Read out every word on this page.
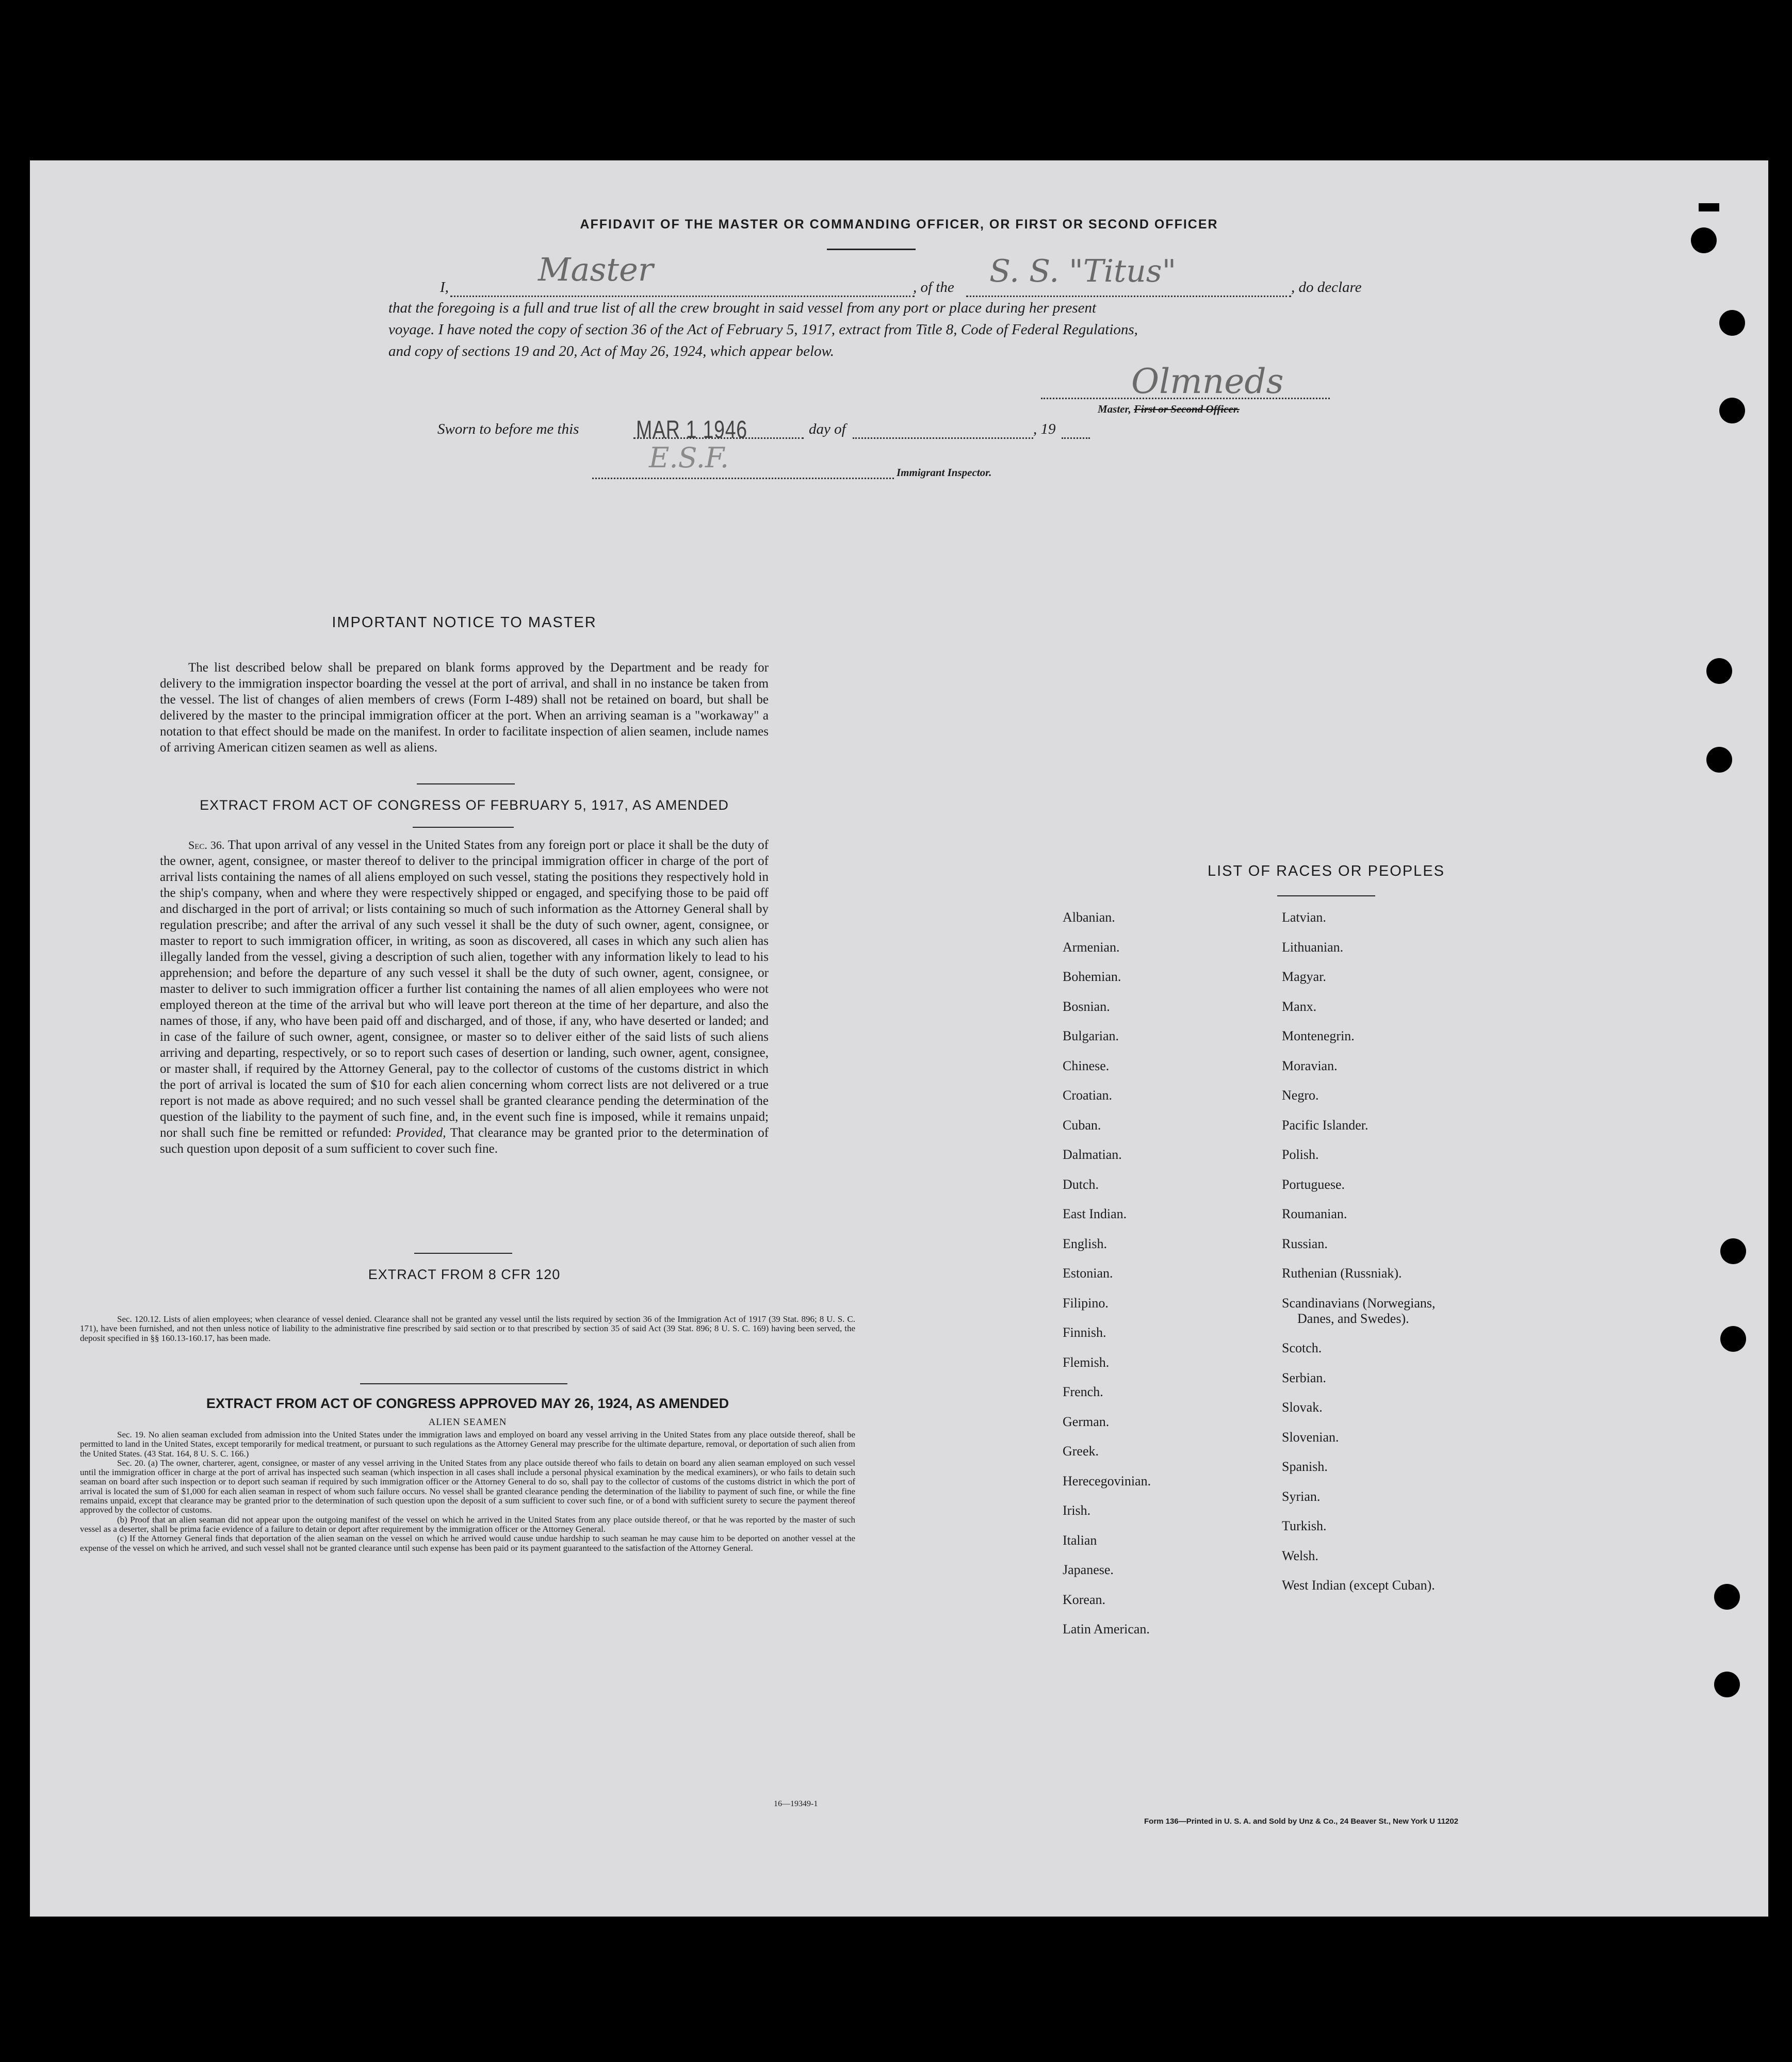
AFFIDAVIT OF THE MASTER OR COMMANDING OFFICER, OR FIRST OR SECOND OFFICER
I,	Master	, of the S. S. "Titus"	, do declare
that the foregoing is a full and true list of all the crew brought in said vessel from any port or place during her present
voyage. I have noted the copy of section 36 of the Act of February 5, 1917, extract from Title 8, Code of Federal Regulations,
and copy of sections 19 and 20, Act of May 26, 1924, which appear below.
Olmneds
Master, First or Second Officer.
Sworn to before me this MAR 1 1946	day of	, 19
E.S.F.	Immigrant Inspector.
IMPORTANT NOTICE TO MASTER
The list described below shall be prepared on blank forms approved by the Department and be ready for delivery to the immigration inspector boarding the vessel at the port of arrival, and shall in no instance be taken from the vessel. The list of changes of alien members of crews (Form I-489) shall not be retained on board, but shall be delivered by the master to the principal immigration officer at the port. When an arriving seaman is a "workaway" a notation to that effect should be made on the manifest. In order to facilitate inspection of alien seamen, include names of arriving American citizen seamen as well as aliens.
EXTRACT FROM ACT OF CONGRESS OF FEBRUARY 5, 1917, AS AMENDED
Sec. 36. That upon arrival of any vessel in the United States from any foreign port or place it shall be the duty of the owner, agent, consignee, or master thereof to deliver to the principal immigration officer in charge of the port of arrival lists containing the names of all aliens employed on such vessel, stating the positions they respectively hold in the ship's company, when and where they were respectively shipped or engaged, and specifying those to be paid off and discharged in the port of arrival; or lists containing so much of such information as the Attorney General shall by regulation prescribe; and after the arrival of any such vessel it shall be the duty of such owner, agent, consignee, or master to report to such immigration officer, in writing, as soon as discovered, all cases in which any such alien has illegally landed from the vessel, giving a description of such alien, together with any information likely to lead to his apprehension; and before the departure of any such vessel it shall be the duty of such owner, agent, consignee, or master to deliver to such immigration officer a further list containing the names of all alien employees who were not employed thereon at the time of the arrival but who will leave port thereon at the time of her departure, and also the names of those, if any, who have been paid off and discharged, and of those, if any, who have deserted or landed; and in case of the failure of such owner, agent, consignee, or master so to deliver either of the said lists of such aliens arriving and departing, respectively, or so to report such cases of desertion or landing, such owner, agent, consignee, or master shall, if required by the Attorney General, pay to the collector of customs of the customs district in which the port of arrival is located the sum of $10 for each alien concerning whom correct lists are not delivered or a true report is not made as above required; and no such vessel shall be granted clearance pending the determination of the question of the liability to the payment of such fine, and, in the event such fine is imposed, while it remains unpaid; nor shall such fine be remitted or refunded: Provided, That clearance may be granted prior to the determination of such question upon deposit of a sum sufficient to cover such fine.
EXTRACT FROM 8 CFR 120
Sec. 120.12. Lists of alien employees; when clearance of vessel denied. Clearance shall not be granted any vessel until the lists required by section 36 of the Immigration Act of 1917 (39 Stat. 896; 8 U. S. C. 171), have been furnished, and not then unless notice of liability to the administrative fine prescribed by said section or to that prescribed by section 35 of said Act (39 Stat. 896; 8 U. S. C. 169) having been served, the deposit specified in §§ 160.13-160.17, has been made.
EXTRACT FROM ACT OF CONGRESS APPROVED MAY 26, 1924, AS AMENDED
ALIEN SEAMEN
Sec. 19. No alien seaman excluded from admission into the United States under the immigration laws and employed on board any vessel arriving in the United States from any place outside thereof, shall be permitted to land in the United States, except temporarily for medical treatment, or pursuant to such regulations as the Attorney General may prescribe for the ultimate departure, removal, or deportation of such alien from the United States. (43 Stat. 164, 8 U. S. C. 166.)
Sec. 20. (a) The owner, charterer, agent, consignee, or master of any vessel arriving in the United States from any place outside thereof who fails to detain on board any alien seaman employed on such vessel until the immigration officer in charge at the port of arrival has inspected such seaman (which inspection in all cases shall include a personal physical examination by the medical examiners), or who fails to detain such seaman on board after such inspection or to deport such seaman if required by such immigration officer or the Attorney General to do so, shall pay to the collector of customs of the customs district in which the port of arrival is located the sum of $1,000 for each alien seaman in respect of whom such failure occurs. No vessel shall be granted clearance pending the determination of the liability to payment of such fine, or while the fine remains unpaid, except that clearance may be granted prior to the determination of such question upon the deposit of a sum sufficient to cover such fine, or of a bond with sufficient surety to secure the payment thereof approved by the collector of customs.
(b) Proof that an alien seaman did not appear upon the outgoing manifest of the vessel on which he arrived in the United States from any place outside thereof, or that he was reported by the master of such vessel as a deserter, shall be prima facie evidence of a failure to detain or deport after requirement by the immigration officer or the Attorney General.
(c) If the Attorney General finds that deportation of the alien seaman on the vessel on which he arrived would cause undue hardship to such seaman he may cause him to be deported on another vessel at the expense of the vessel on which he arrived, and such vessel shall not be granted clearance until such expense has been paid or its payment guaranteed to the satisfaction of the Attorney General.
16—19349-1
LIST OF RACES OR PEOPLES
Albanian.
Armenian.
Bohemian.
Bosnian.
Bulgarian.
Chinese.
Croatian.
Cuban.
Dalmatian.
Dutch.
East Indian.
English.
Estonian.
Filipino.
Finnish.
Flemish.
French.
German.
Greek.
Herecegovinian.
Irish.
Italian
Japanese.
Korean.
Latin American.
Latvian.
Lithuanian.
Magyar.
Manx.
Montenegrin.
Moravian.
Negro.
Pacific Islander.
Polish.
Portuguese.
Roumanian.
Russian.
Ruthenian (Russniak).
Scandinavians (Norwegians,
Danes, and Swedes).
Scotch.
Serbian.
Slovak.
Slovenian.
Spanish.
Syrian.
Turkish.
Welsh.
West Indian (except Cuban).
Form 136—Printed in U. S. A. and Sold by Unz & Co., 24 Beaver St., New York U 11202
